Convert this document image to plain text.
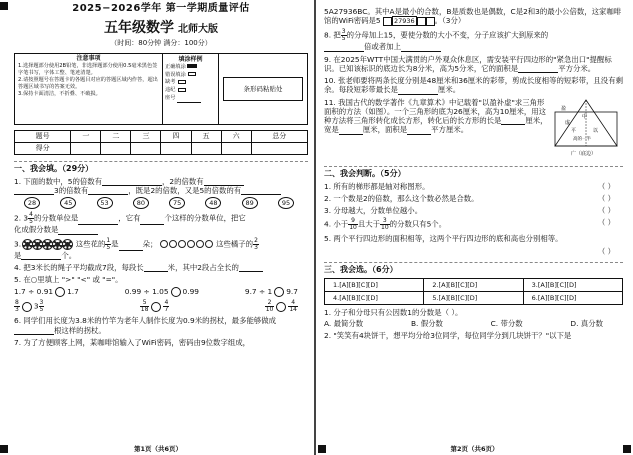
2025−2026学年 第一学期质量评估
五年级数学 北师大版
（时间：80分钟 满分：100分）
注意事项
1.选择题部分使用2B铅笔，非选择题部分使用0.5毫米黑色签字笔书写，字体工整、笔迹清楚。
2.请按照题号在答题卡的各题目对应的答题区域内作答，超出答题区域书写的答案无效。
3.保持卡面清洁，不折叠、不破损。
填涂样例
正确填涂
错误填涂
缺考
违纪
座号
条形码粘贴处
题号	一	二	三	四	五	六	总分
得分							
一、我会填。（29分）
1. 下面的数中，5的倍数有	，2的倍数有
3的倍数有	，既是2的倍数，又是5的倍数的有
28	45	53	80	75	48	89	95
2. $3 \frac{4}{5}$ 的分数单位是	，它有	个这样的分数单位，把它
化成假分数是
3.	这些花的 $\frac{1}{5}$ 是	朵；	这些橘子的 $\frac{2}{3}$

是	个。
4. 把3米长的绳子平均截成7段，每段长	米，其中2段占全长的
5. 在○里填上 ">" "<" 或 "="。
1.7 ÷ 0.91 1.7	0.99 ÷ 1.05 0.99	9.7 ÷ 1 9.7
$\frac{8}{3} 3 \frac{3}{5}$	$\frac{5}{18} \frac{4}{7}$	$\frac{2}{10} \frac{4}{14}$
6. 同学们用长度为3.8米的竹竿为老年人制作长度为0.9米的拐杖，最多能够做成根这样的拐杖。
7. 为了方便顾客上网，某咖啡馆输入了WiFi密码，密码由9位数字组成，
第1页（共6页）
5A27936BC。其中A是最小的合数，B是质数也是偶数，C是2和3的最小公倍数，这家咖啡馆的WiFi密码是5 27936	。（3分）
8. 把 $\frac{3}{5}$ 的分母加上15，要使分数的大小不变，分子应该扩大到原来的
倍或者加上
9. 在2025年WTT中国大满贯的户外观众休息区，需安装平行四边形的"紧急出口"提醒标识。已知该标识的底边长为8分米，高为5分米，它的面积是	平方分米。
10. 张老师要将两条长度分别是48厘米和36厘米的彩带，剪成长度相等的短彩带，且没有剩余。每段短彩带最长是	厘米。
11. 我国古代的数学著作《九章算术》中记载着"以盈补虚"求三角形面积的方法（如图）。一个三角形的底为26厘米，高为10厘米，用这种方法将三角形转化成长方形，转化后的长方形的长是	厘米，宽是	厘米，面积是	平方厘米。
盈
虚
中
平	以
高的一半
广（底边）
二、我会判断。（5分）
1. 所有的梯形都是轴对称图形。	（ ）
2. 一个数是2的倍数，那么这个数必然是合数。	（ ）
3. 分母越大，分数单位越小。	（ ）
4. 小于 $\frac{9}{10}$ 且大于 $\frac{3}{10}$ 的分数只有5个。	（ ）
5. 两个平行四边形的面积相等，这两个平行四边形的底和高也分别相等。
（ ）
三、我会选。（6分）
1.[A][B][C][D]	2.[A][B][C][D]	3.[A][B][C][D]
4.[A][B][C][D]	5.[A][B][C][D]	6.[A][B][C][D]
1. 分子和分母只有公因数1的分数是（ ）。
A. 最简分数	B. 假分数	C. 带分数	D. 真分数
2. "笑笑有4块饼干，想平均分给3位同学，每位同学分到几块饼干？"以下是
第2页（共6页）
